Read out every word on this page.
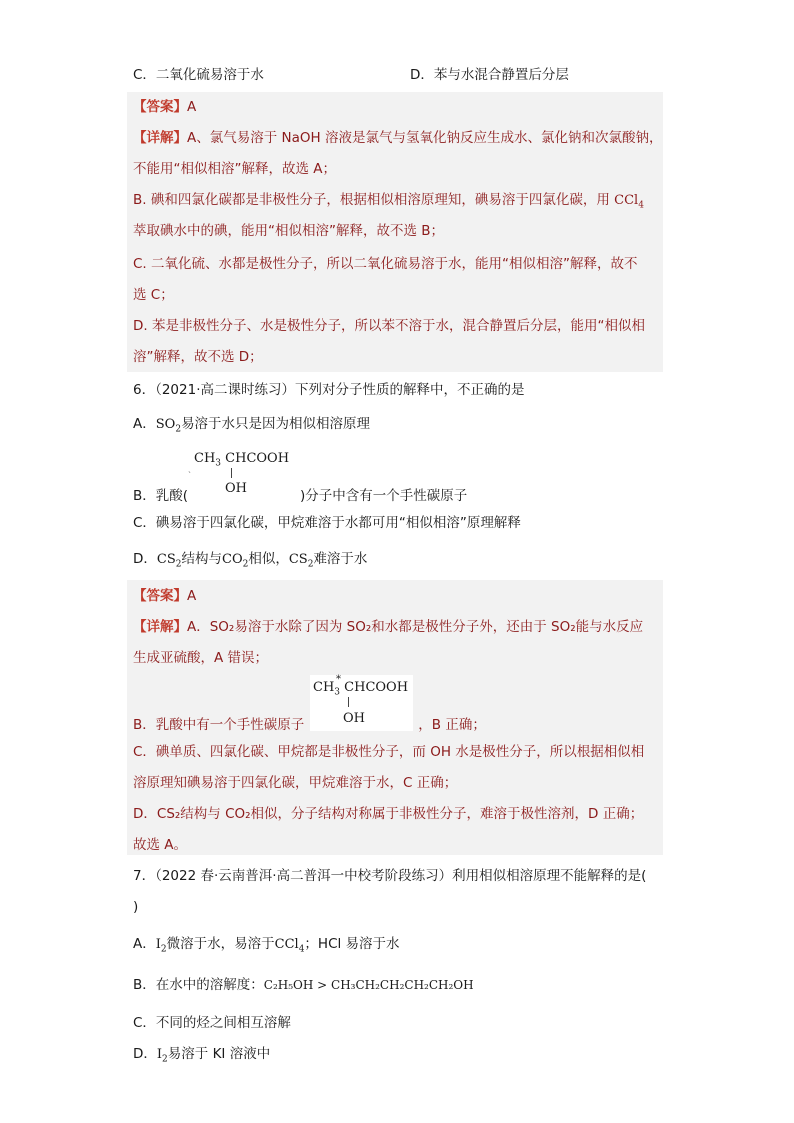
C．二氧化硫易溶于水	D．苯与水混合静置后分层
【答案】A
【详解】A、氯气易溶于 NaOH 溶液是氯气与氢氧化钠反应生成水、氯化钠和次氯酸钠，
不能用“相似相溶”解释，故选 A；
B. 碘和四氯化碳都是非极性分子，根据相似相溶原理知，碘易溶于四氯化碳，用 CCl$_4$
萃取碘水中的碘，能用“相似相溶”解释，故不选 B；
C. 二氧化硫、水都是极性分子，所以二氧化硫易溶于水，能用“相似相溶”解释，故不
选 C；
D. 苯是非极性分子、水是极性分子，所以苯不溶于水，混合静置后分层，能用“相似相
溶”解释，故不选 D；
6．（2021·高二课时练习）下列对分子性质的解释中，不正确的是
A．$SO_2$易溶于水只是因为相似相溶原理
$CH_3$ CHCOOH
OH
˴
B．乳酸(	)分子中含有一个手性碳原子
C．碘易溶于四氯化碳，甲烷难溶于水都可用“相似相溶”原理解释
D．$CS_2$结构与$CO_2$相似，$CS_2$难溶于水
【答案】A
【详解】A．SO₂易溶于水除了因为 SO₂和水都是极性分子外，还由于 SO₂能与水反应
生成亚硫酸，A 错误；
$CH_3$ CHCOOH
*
OH
B．乳酸中有一个手性碳原子	，B 正确；
C．碘单质、四氯化碳、甲烷都是非极性分子，而 OH 水是极性分子，所以根据相似相
溶原理知碘易溶于四氯化碳，甲烷难溶于水，C 正确；
D．CS₂结构与 CO₂相似，分子结构对称属于非极性分子，难溶于极性溶剂，D 正确；
故选 A。
7．（2022 春·云南普洱·高二普洱一中校考阶段练习）利用相似相溶原理不能解释的是(
)
A．$I_2$微溶于水，易溶于CCl$_4$；HCl 易溶于水
B．在水中的溶解度：C₂H₅OH > CH₃CH₂CH₂CH₂CH₂OH
C．不同的烃之间相互溶解
D．$I_2$易溶于 KI 溶液中
